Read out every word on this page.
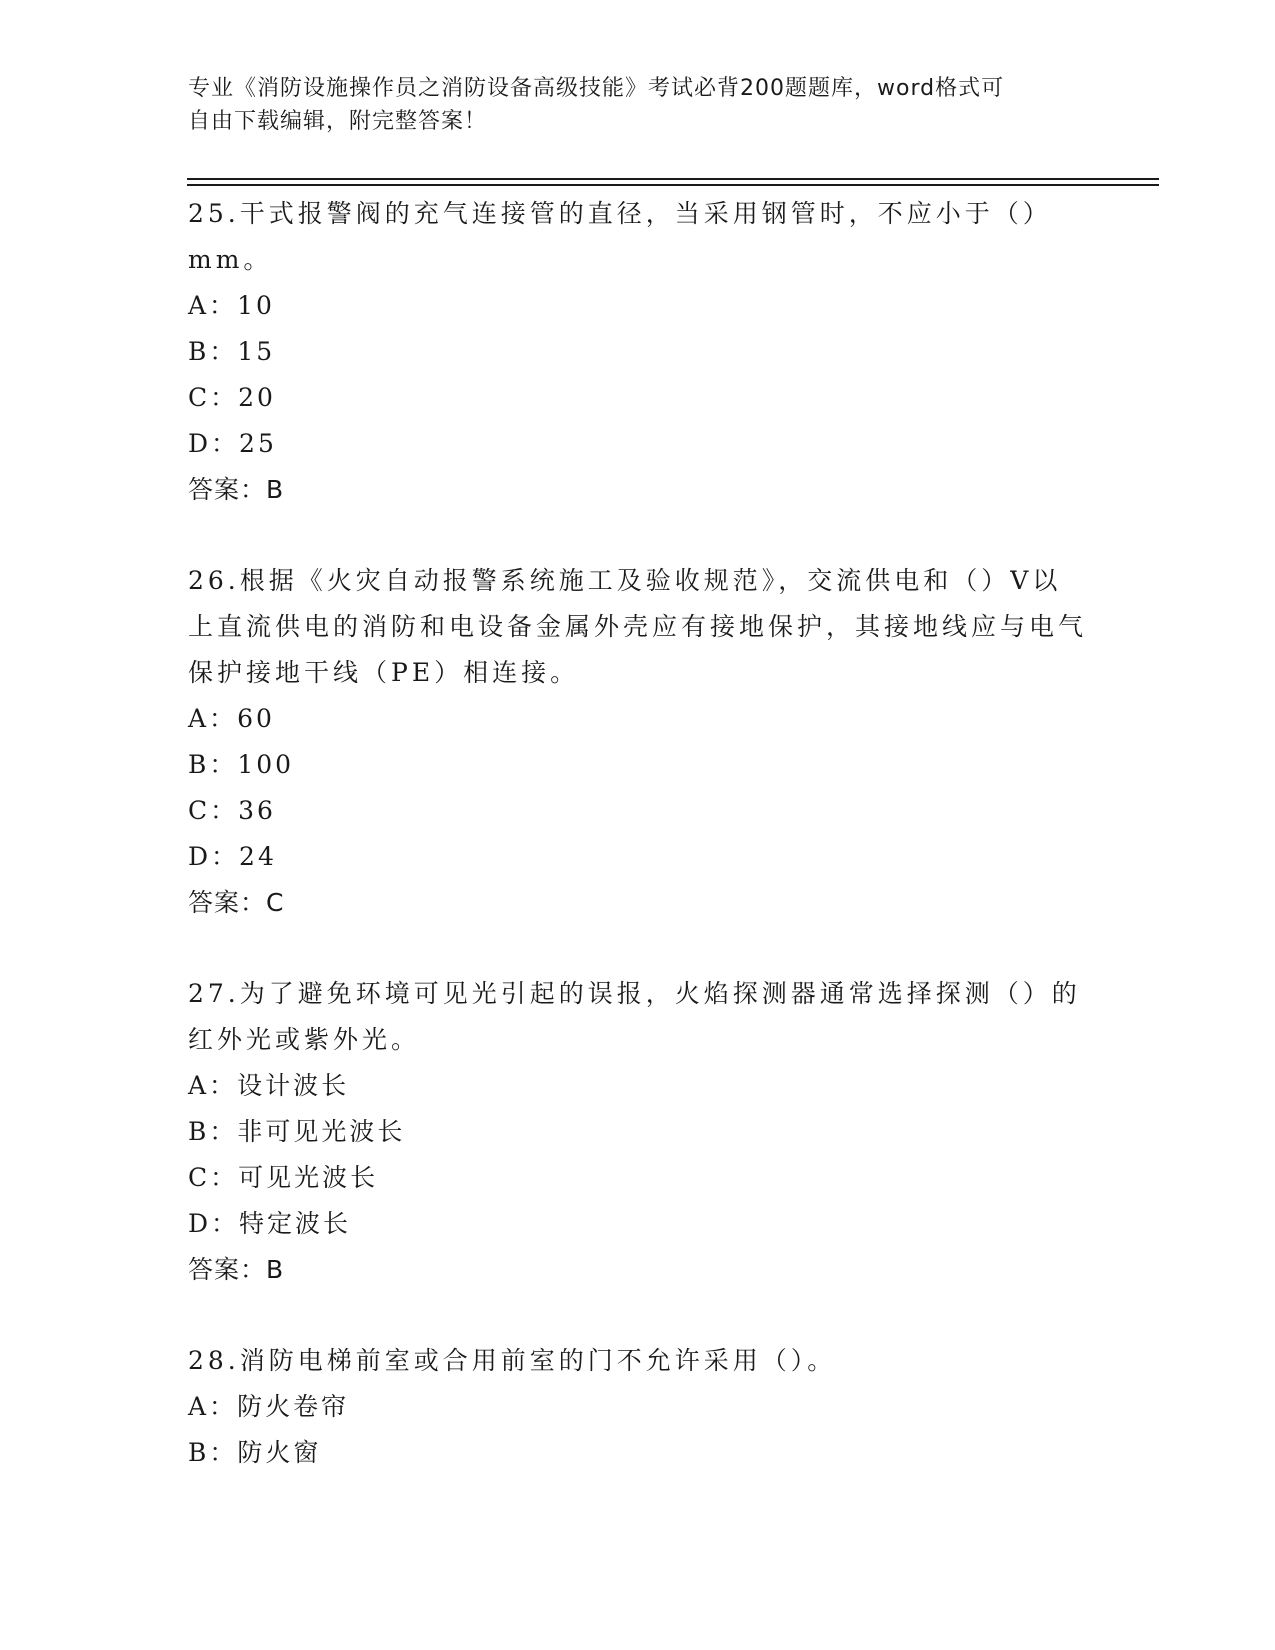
专业《消防设施操作员之消防设备高级技能》考试必背200题题库，word格式可
自由下载编辑，附完整答案！

25.干式报警阀的充气连接管的直径，当采用钢管时，不应小于（）mm。

A：10

B：15

C：20

D：25

答案：B

26.根据《火灾自动报警系统施工及验收规范》，交流供电和（）V以上直流供电的消防和电设备金属外壳应有接地保护，其接地线应与电气保护接地干线（PE）相连接。

A：60

B：100

C：36

D：24

答案：C

27.为了避免环境可见光引起的误报，火焰探测器通常选择探测（）的红外光或紫外光。

A：设计波长

B：非可见光波长

C：可见光波长

D：特定波长

答案：B

28.消防电梯前室或合用前室的门不允许采用（）。

A：防火卷帘

B：防火窗
